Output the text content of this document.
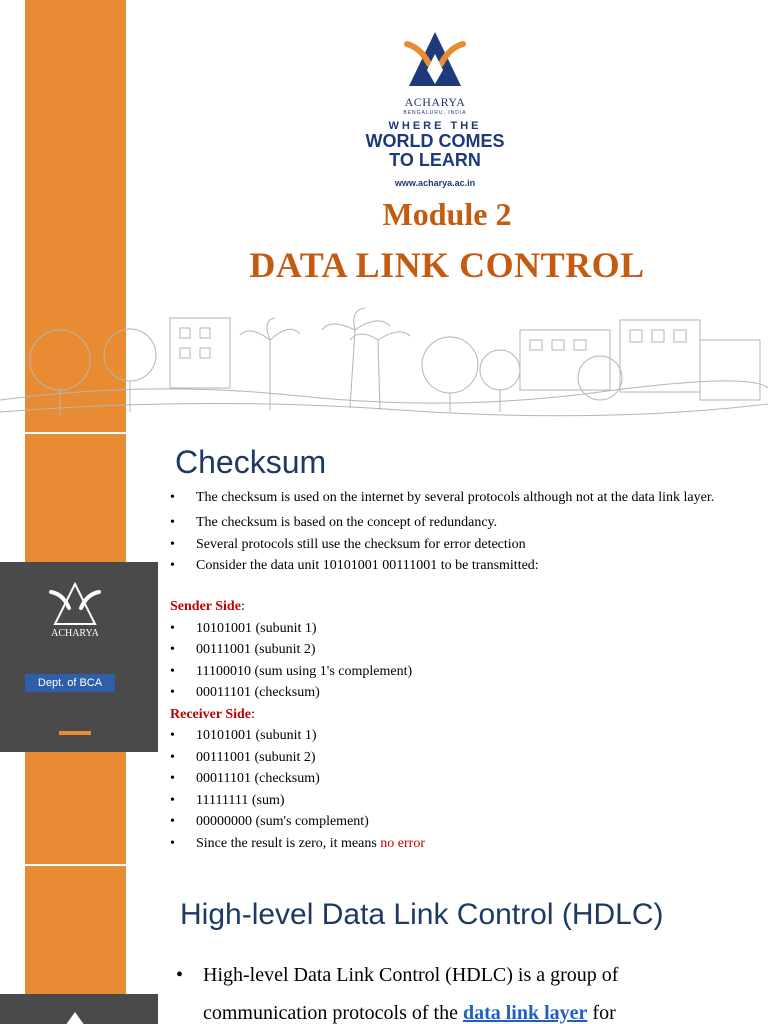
ACHARYA
BENGALURU, INDIA
WHERE THE
WORLD COMES
TO LEARN
www.acharya.ac.in
Module 2
DATA LINK CONTROL
ACHARYA
Dept. of BCA
Checksum
• The checksum is used on the internet by several protocols although not at the data link layer.
• The checksum is based on the concept of redundancy.
• Several protocols still use the checksum for error detection
• Consider the data unit 10101001 00111001 to be transmitted:
Sender Side:
• 10101001 (subunit 1)
• 00111001 (subunit 2)
• 11100010 (sum using 1's complement)
• 00011101 (checksum)
Receiver Side:
• 10101001 (subunit 1)
• 00111001 (subunit 2)
• 00011101 (checksum)
• 11111111 (sum)
• 00000000 (sum's complement)
• Since the result is zero, it means no error
High-level Data Link Control (HDLC)
• High-level Data Link Control (HDLC) is a group of communication protocols of the data link layer for
